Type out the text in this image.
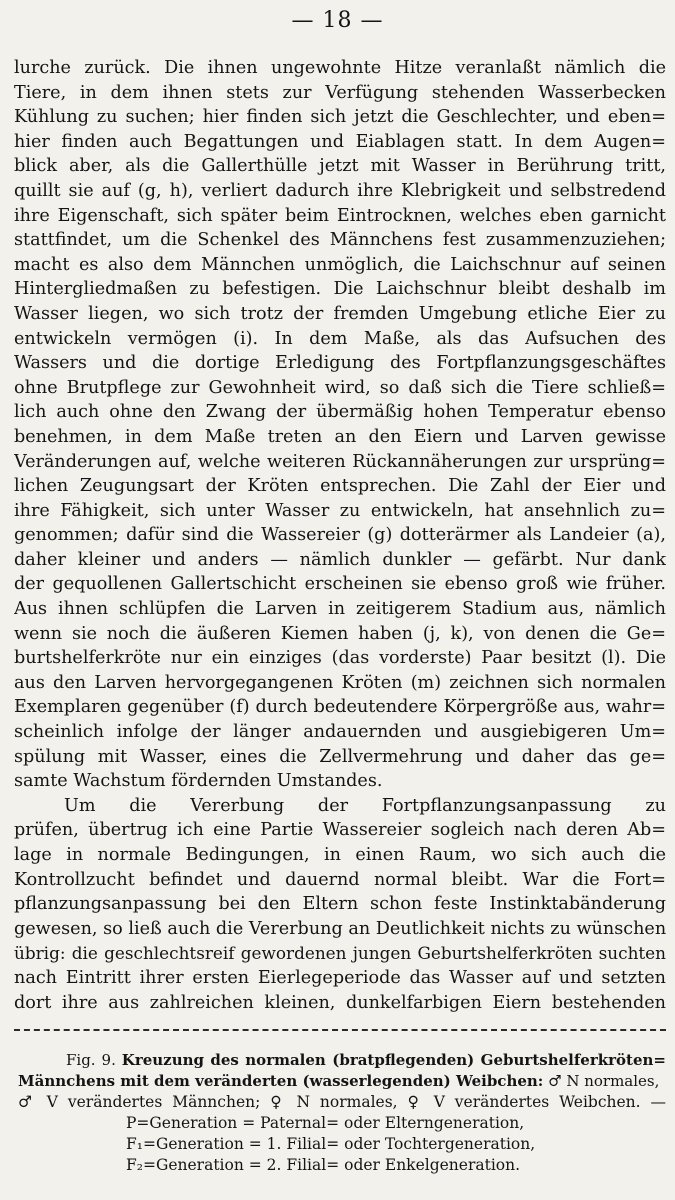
— 18 —
lurche zurück. Die ihnen ungewohnte Hitze veranlaßt nämlich die
Tiere, in dem ihnen stets zur Verfügung stehenden Wasserbecken
Kühlung zu suchen; hier finden sich jetzt die Geschlechter, und eben=
hier finden auch Begattungen und Eiablagen statt. In dem Augen=
blick aber, als die Gallerthülle jetzt mit Wasser in Berührung tritt,
quillt sie auf (g, h), verliert dadurch ihre Klebrigkeit und selbstredend
ihre Eigenschaft, sich später beim Eintrocknen, welches eben garnicht
stattfindet, um die Schenkel des Männchens fest zusammenzuziehen;
macht es also dem Männchen unmöglich, die Laichschnur auf seinen
Hintergliedmaßen zu befestigen. Die Laichschnur bleibt deshalb im
Wasser liegen, wo sich trotz der fremden Umgebung etliche Eier zu
entwickeln vermögen (i). In dem Maße, als das Aufsuchen des
Wassers und die dortige Erledigung des Fortpflanzungsgeschäftes
ohne Brutpflege zur Gewohnheit wird, so daß sich die Tiere schließ=
lich auch ohne den Zwang der übermäßig hohen Temperatur ebenso
benehmen, in dem Maße treten an den Eiern und Larven gewisse
Veränderungen auf, welche weiteren Rückannäherungen zur ursprüng=
lichen Zeugungsart der Kröten entsprechen. Die Zahl der Eier und
ihre Fähigkeit, sich unter Wasser zu entwickeln, hat ansehnlich zu=
genommen; dafür sind die Wassereier (g) dotterärmer als Landeier (a),
daher kleiner und anders — nämlich dunkler — gefärbt. Nur dank
der gequollenen Gallertschicht erscheinen sie ebenso groß wie früher.
Aus ihnen schlüpfen die Larven in zeitigerem Stadium aus, nämlich
wenn sie noch die äußeren Kiemen haben (j, k), von denen die Ge=
burtshelferkröte nur ein einziges (das vorderste) Paar besitzt (l). Die
aus den Larven hervorgegangenen Kröten (m) zeichnen sich normalen
Exemplaren gegenüber (f) durch bedeutendere Körpergröße aus, wahr=
scheinlich infolge der länger andauernden und ausgiebigeren Um=
spülung mit Wasser, eines die Zellvermehrung und daher das ge=
samte Wachstum fördernden Umstandes.
Um die Vererbung der Fortpflanzungsanpassung zu
prüfen, übertrug ich eine Partie Wassereier sogleich nach deren Ab=
lage in normale Bedingungen, in einen Raum, wo sich auch die
Kontrollzucht befindet und dauernd normal bleibt. War die Fort=
pflanzungsanpassung bei den Eltern schon feste Instinktabänderung
gewesen, so ließ auch die Vererbung an Deutlichkeit nichts zu wünschen
übrig: die geschlechtsreif gewordenen jungen Geburtshelferkröten suchten
nach Eintritt ihrer ersten Eierlegeperiode das Wasser auf und setzten
dort ihre aus zahlreichen kleinen, dunkelfarbigen Eiern bestehenden
Fig. 9. Kreuzung des normalen (bratpflegenden) Geburtshelferkröten=
Männchens mit dem veränderten (wasserlegenden) Weibchen: ♂ N normales,
♂ V verändertes Männchen; ♀ N normales, ♀ V verändertes Weibchen. —
P=Generation = Paternal= oder Elterngeneration,
F₁=Generation = 1. Filial= oder Tochtergeneration,
F₂=Generation = 2. Filial= oder Enkelgeneration.
